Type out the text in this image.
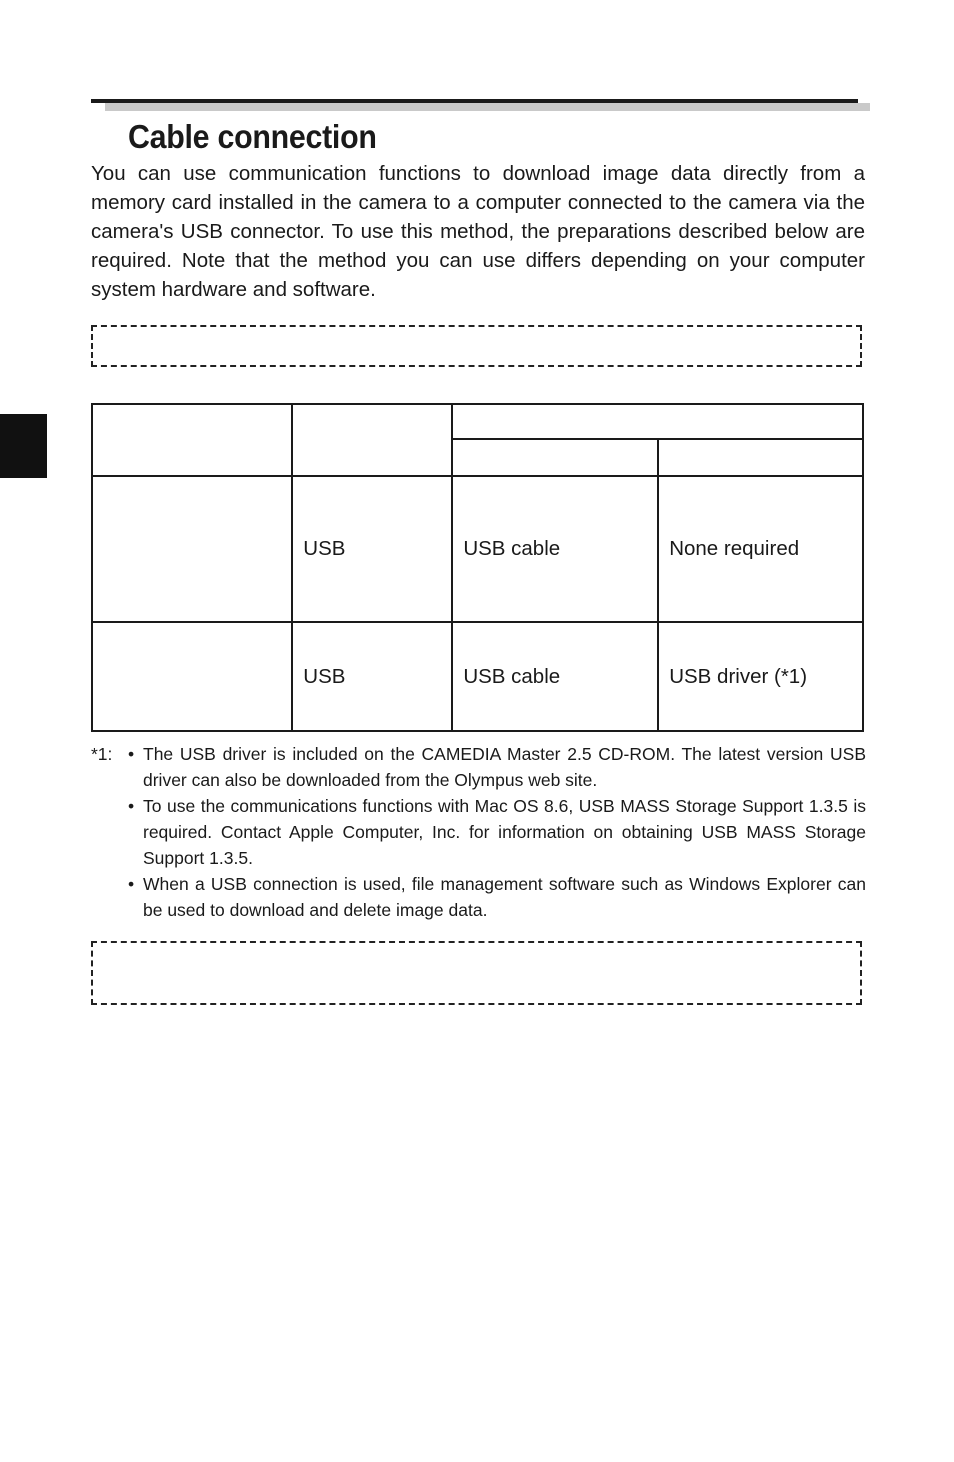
Cable connection

You can use communication functions to download image data directly from a memory card installed in the camera to a computer connected to the camera via the camera's USB connector. To use this method, the preparations described below are required. Note that the method you can use differs depending on your computer system hardware and software.

	USB	USB cable	None required
	USB	USB cable	USB driver (*1)
*1: • The USB driver is included on the CAMEDIA Master 2.5 CD-ROM. The latest version USB driver can also be downloaded from the Olympus web site.
• To use the communications functions with Mac OS 8.6, USB MASS Storage Support 1.3.5 is required. Contact Apple Computer, Inc. for information on obtaining USB MASS Storage Support 1.3.5.
• When a USB connection is used, file management software such as Windows Explorer can be used to download and delete image data.
